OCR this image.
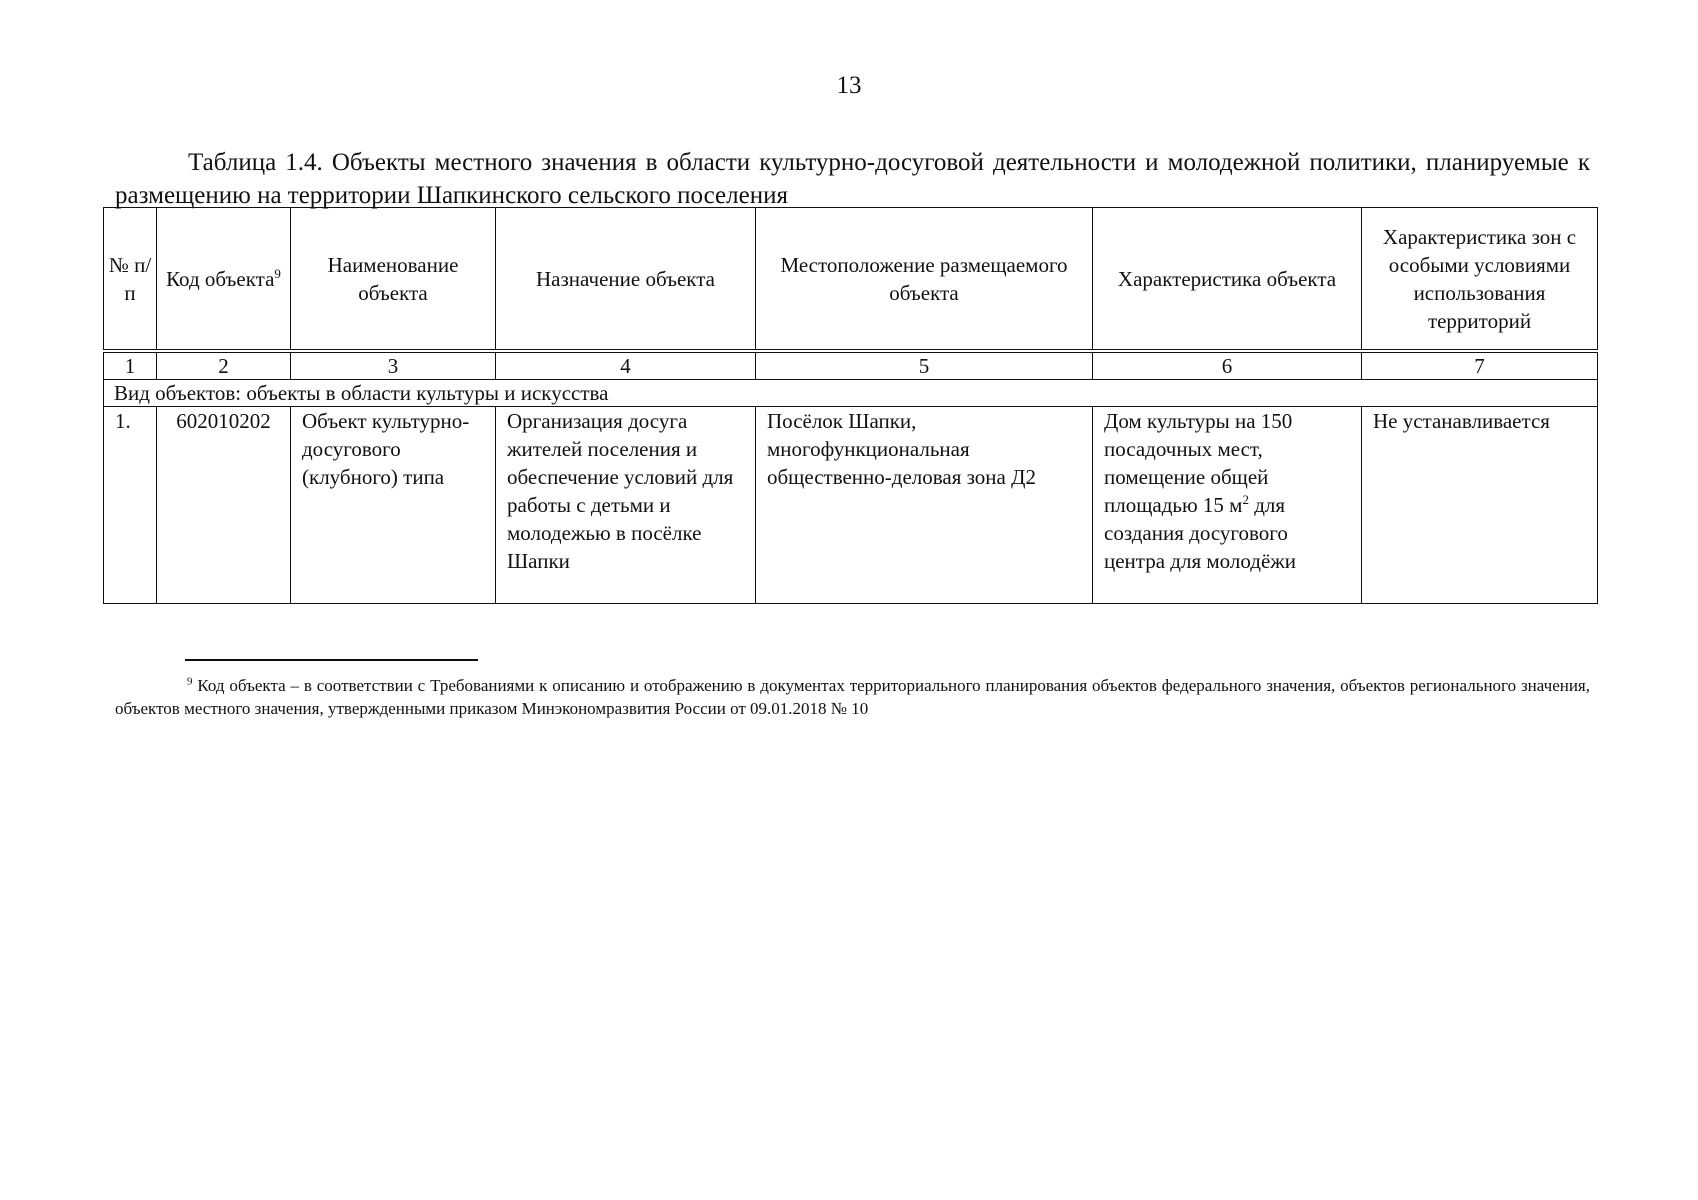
13
Таблица 1.4. Объекты местного значения в области культурно-досуговой деятельности и молодежной политики, планируемые к размещению на территории Шапкинского сельского поселения
№ п/п	Код объекта$^9$	Наименование объекта	Назначение объекта	Местоположение размещаемого объекта	Характеристика объекта	Характеристика зон с особыми условиями использования территорий
1	2	3	4	5	6	7
Вид объектов: объекты в области культуры и искусства						
1.	602010202	Объект культурно-досугового (клубного) типа	Организация досуга жителей поселения и обеспечение условий для работы с детьми и молодежью в посёлке Шапки	Посёлок Шапки, многофункциональная общественно-деловая зона Д2	Дом культуры на 150 посадочных мест, помещение общей площадью 15 $м^2$ для создания досугового центра для молодёжи	Не устанавливается
$^9$ Код объекта – в соответствии с Требованиями к описанию и отображению в документах территориального планирования объектов федерального значения, объектов регионального значения, объектов местного значения, утвержденными приказом Минэкономразвития России от 09.01.2018 № 10
